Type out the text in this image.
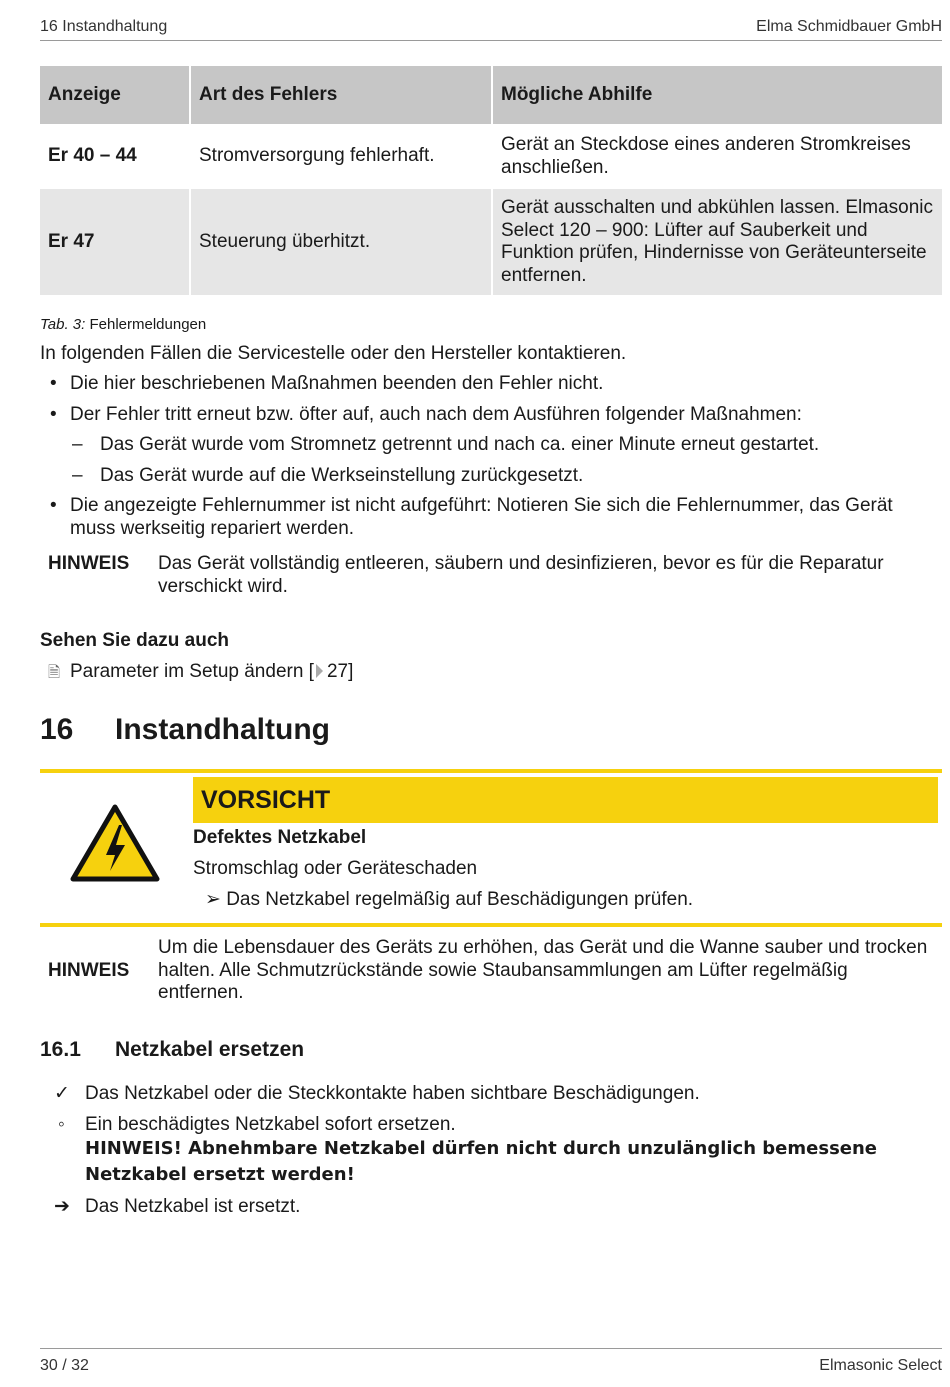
16 Instandhaltung	Elma Schmidbauer GmbH
Anzeige	Art des Fehlers	Mögliche Abhilfe
Er 40 – 44	Stromversorgung fehlerhaft.	Gerät an Steckdose eines anderen Stromkreises anschließen.
Er 47	Steuerung überhitzt.	Gerät ausschalten und abkühlen lassen. Elmasonic Select 120 – 900: Lüfter auf Sauberkeit und Funktion prüfen, Hindernisse von Geräteunterseite entfernen.
Tab. 3: Fehlermeldungen
In folgenden Fällen die Servicestelle oder den Hersteller kontaktieren.
• Die hier beschriebenen Maßnahmen beenden den Fehler nicht.
• Der Fehler tritt erneut bzw. öfter auf, auch nach dem Ausführen folgender Maßnahmen:
– Das Gerät wurde vom Stromnetz getrennt und nach ca. einer Minute erneut gestartet.
– Das Gerät wurde auf die Werkseinstellung zurückgesetzt.
• Die angezeigte Fehlernummer ist nicht aufgeführt: Notieren Sie sich die Fehlernummer, das Gerät muss werkseitig repariert werden.
HINWEIS Das Gerät vollständig entleeren, säubern und desinfizieren, bevor es für die Reparatur verschickt wird.
Sehen Sie dazu auch
🗎 Parameter im Setup ändern [ 27]
16 Instandhaltung
VORSICHT
Defektes Netzkabel
Stromschlag oder Geräteschaden
➢ Das Netzkabel regelmäßig auf Beschädigungen prüfen.
HINWEIS
Um die Lebensdauer des Geräts zu erhöhen, das Gerät und die Wanne sauber und trocken halten. Alle Schmutzrückstände sowie Staubansammlungen am Lüfter regelmäßig entfernen.
16.1 Netzkabel ersetzen
✓ Das Netzkabel oder die Steckkontakte haben sichtbare Beschädigungen.
◦ Ein beschädigtes Netzkabel sofort ersetzen.
HINWEIS! Abnehmbare Netzkabel dürfen nicht durch unzulänglich bemessene Netzkabel ersetzt werden!
➔ Das Netzkabel ist ersetzt.
30 / 32	Elmasonic Select
